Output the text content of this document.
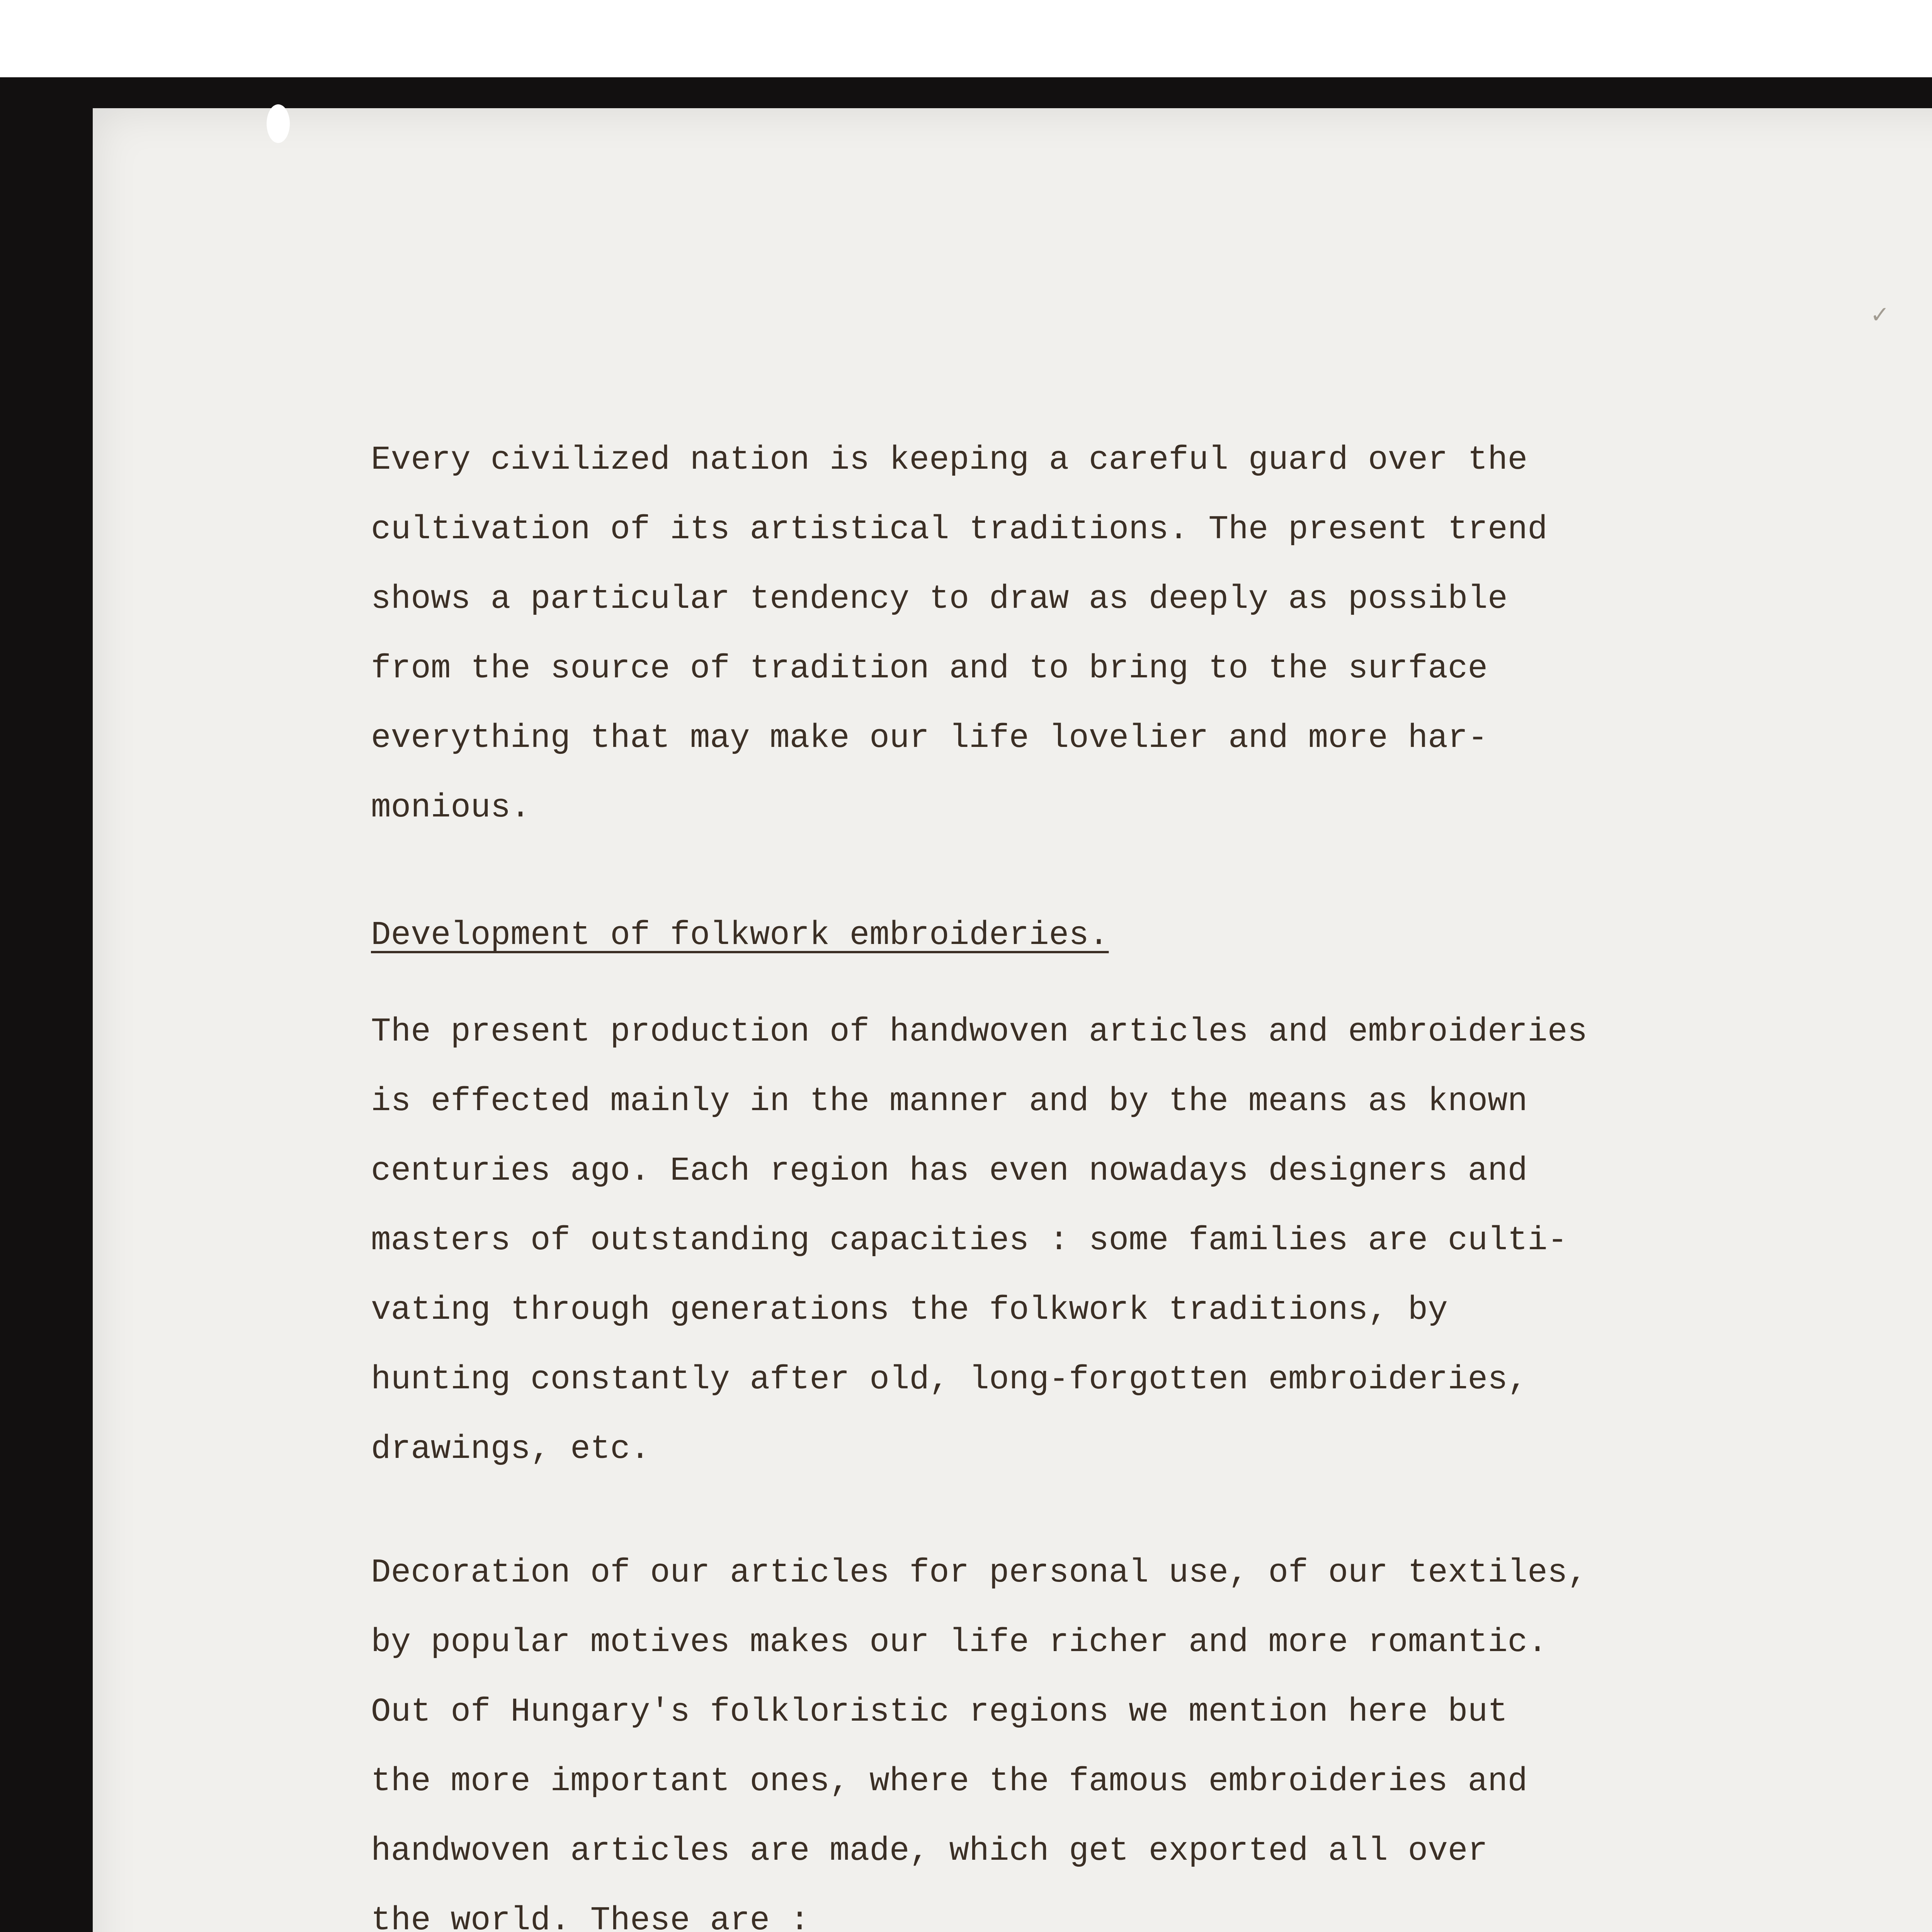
✓
Every civilized nation is keeping a careful guard over the
cultivation of its artistical traditions. The present trend
shows a particular tendency to draw as deeply as possible
from the source of tradition and to bring to the surface
everything that may make our life lovelier and more har-
monious.
Development of folkwork embroideries.
The present production of handwoven articles and embroideries
is effected mainly in the manner and by the means as known
centuries ago. Each region has even nowadays designers and
masters of outstanding capacities : some families are culti-
vating through generations the folkwork traditions, by
hunting constantly after old, long-forgotten embroideries,
drawings, etc.
Decoration of our articles for personal use, of our textiles,
by popular motives makes our life richer and more romantic.
Out of Hungary's folkloristic regions we mention here but
the more important ones, where the famous embroideries and
handwoven articles are made, which get exported all over
the world. These are :
